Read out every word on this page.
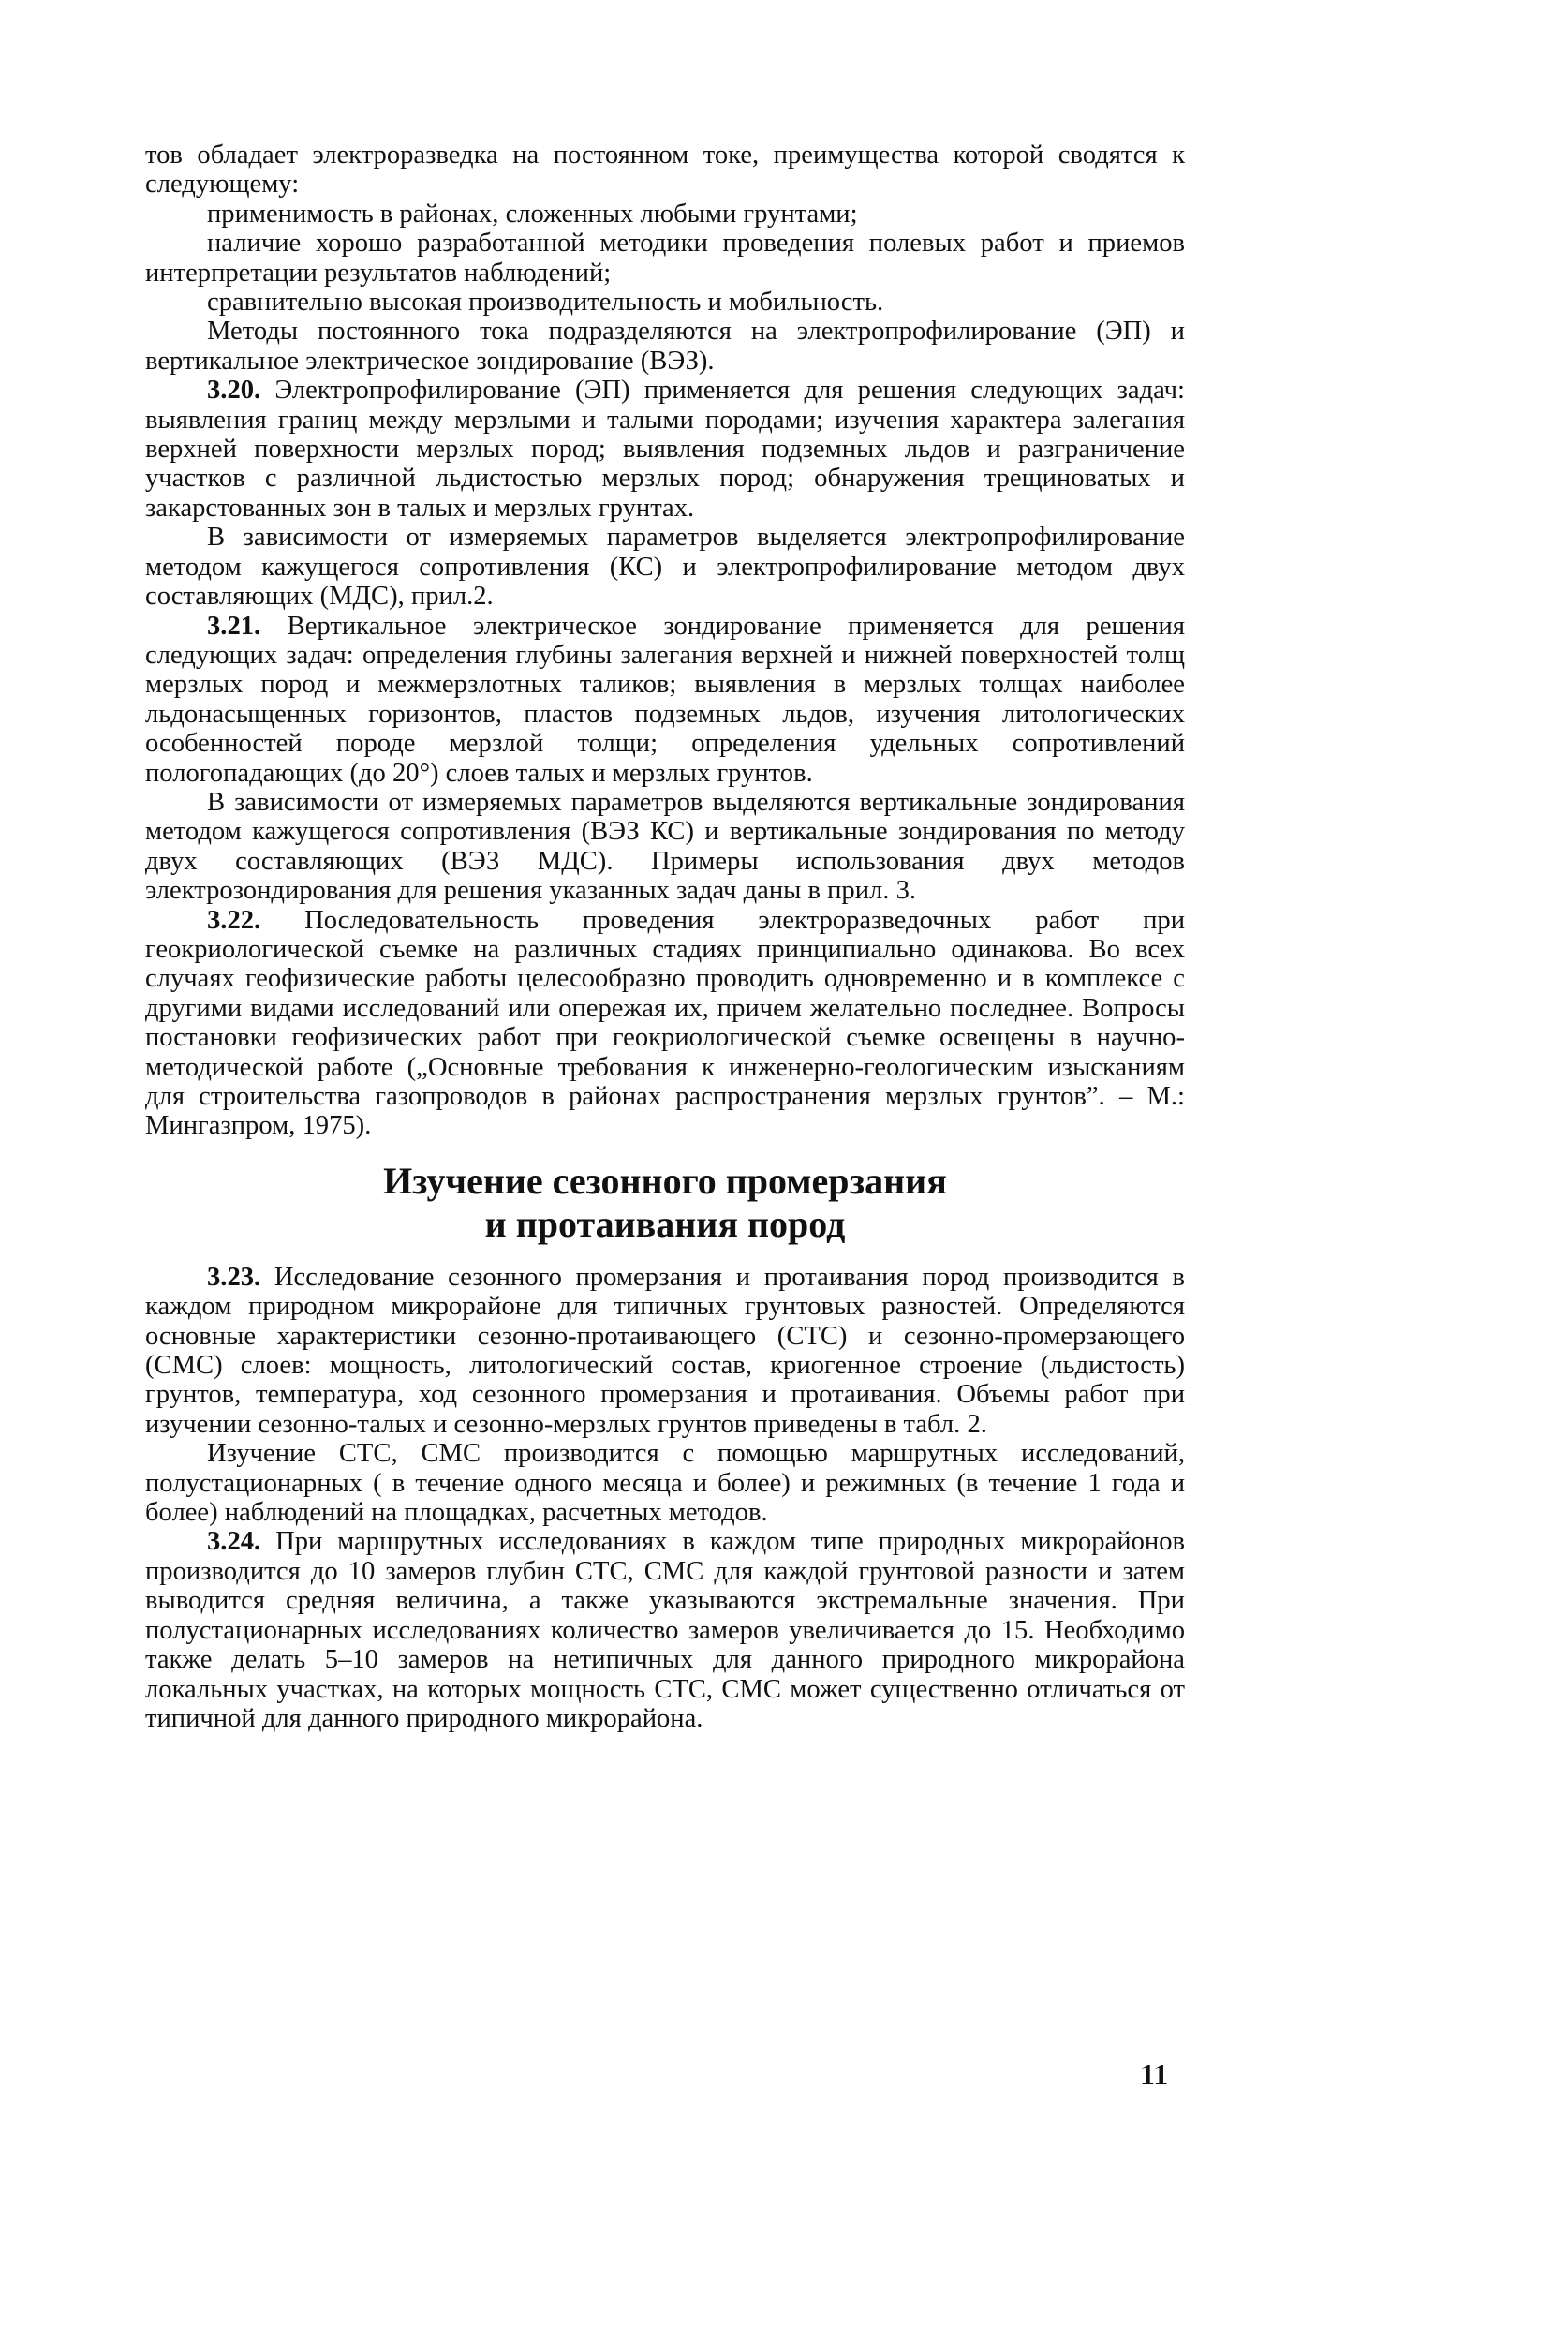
тов обладает электроразведка на постоянном токе, преимущества которой сводятся к следующему:

применимость в районах, сложенных любыми грунтами;

наличие хорошо разработанной методики проведения полевых работ и приемов интерпретации результатов наблюдений;

сравнительно высокая производительность и мобильность.

Методы постоянного тока подразделяются на электропрофилирование (ЭП) и вертикальное электрическое зондирование (ВЭЗ).

3.20. Электропрофилирование (ЭП) применяется для решения следующих задач: выявления границ между мерзлыми и талыми породами; изучения характера залегания верхней поверхности мерзлых пород; выявления подземных льдов и разграничение участков с различной льдистостью мерзлых пород; обнаружения трещиноватых и закарстованных зон в талых и мерзлых грунтах.

В зависимости от измеряемых параметров выделяется электропрофилирование методом кажущегося сопротивления (КС) и электропрофилирование методом двух составляющих (МДС), прил.2.

3.21. Вертикальное электрическое зондирование применяется для решения следующих задач: определения глубины залегания верхней и нижней поверхностей толщ мерзлых пород и межмерзлотных таликов; выявления в мерзлых толщах наиболее льдонасыщенных горизонтов, пластов подземных льдов, изучения литологических особенностей породе мерзлой толщи; определения удельных сопротивлений пологопадающих (до 20°) слоев талых и мерзлых грунтов.

В зависимости от измеряемых параметров выделяются вертикальные зондирования методом кажущегося сопротивления (ВЭЗ КС) и вертикальные зондирования по методу двух составляющих (ВЭЗ МДС). Примеры использования двух методов электрозондирования для решения указанных задач даны в прил. 3.

3.22. Последовательность проведения электроразведочных работ при геокриологической съемке на различных стадиях принципиально одинакова. Во всех случаях геофизические работы целесообразно проводить одновременно и в комплексе с другими видами исследований или опережая их, причем желательно последнее. Вопросы постановки геофизических работ при геокриологической съемке освещены в научно-методической работе („Основные требования к инженерно-геологическим изысканиям для строительства газопроводов в районах распространения мерзлых грунтов”. – М.: Мингазпром, 1975).

Изучение сезонного промерзания
и протаивания пород

3.23. Исследование сезонного промерзания и протаивания пород производится в каждом природном микрорайоне для типичных грунтовых разностей. Определяются основные характеристики сезонно-протаивающего (СТС) и сезонно-промерзающего (СМС) слоев: мощность, литологический состав, криогенное строение (льдистость) грунтов, температура, ход сезонного промерзания и протаивания. Объемы работ при изучении сезонно-талых и сезонно-мерзлых грунтов приведены в табл. 2.

Изучение СТС, СМС производится с помощью маршрутных исследований, полустационарных ( в течение одного месяца и более) и режимных (в течение 1 года и более) наблюдений на площадках, расчетных методов.

3.24. При маршрутных исследованиях в каждом типе природных микрорайонов производится до 10 замеров глубин СТС, СМС для каждой грунтовой разности и затем выводится средняя величина, а также указываются экстремальные значения. При полустационарных исследованиях количество замеров увеличивается до 15. Необходимо также делать 5–10 замеров на нетипичных для данного природного микрорайона локальных участках, на которых мощность СТС, СМС может существенно отличаться от типичной для данного природного микрорайона.

11
